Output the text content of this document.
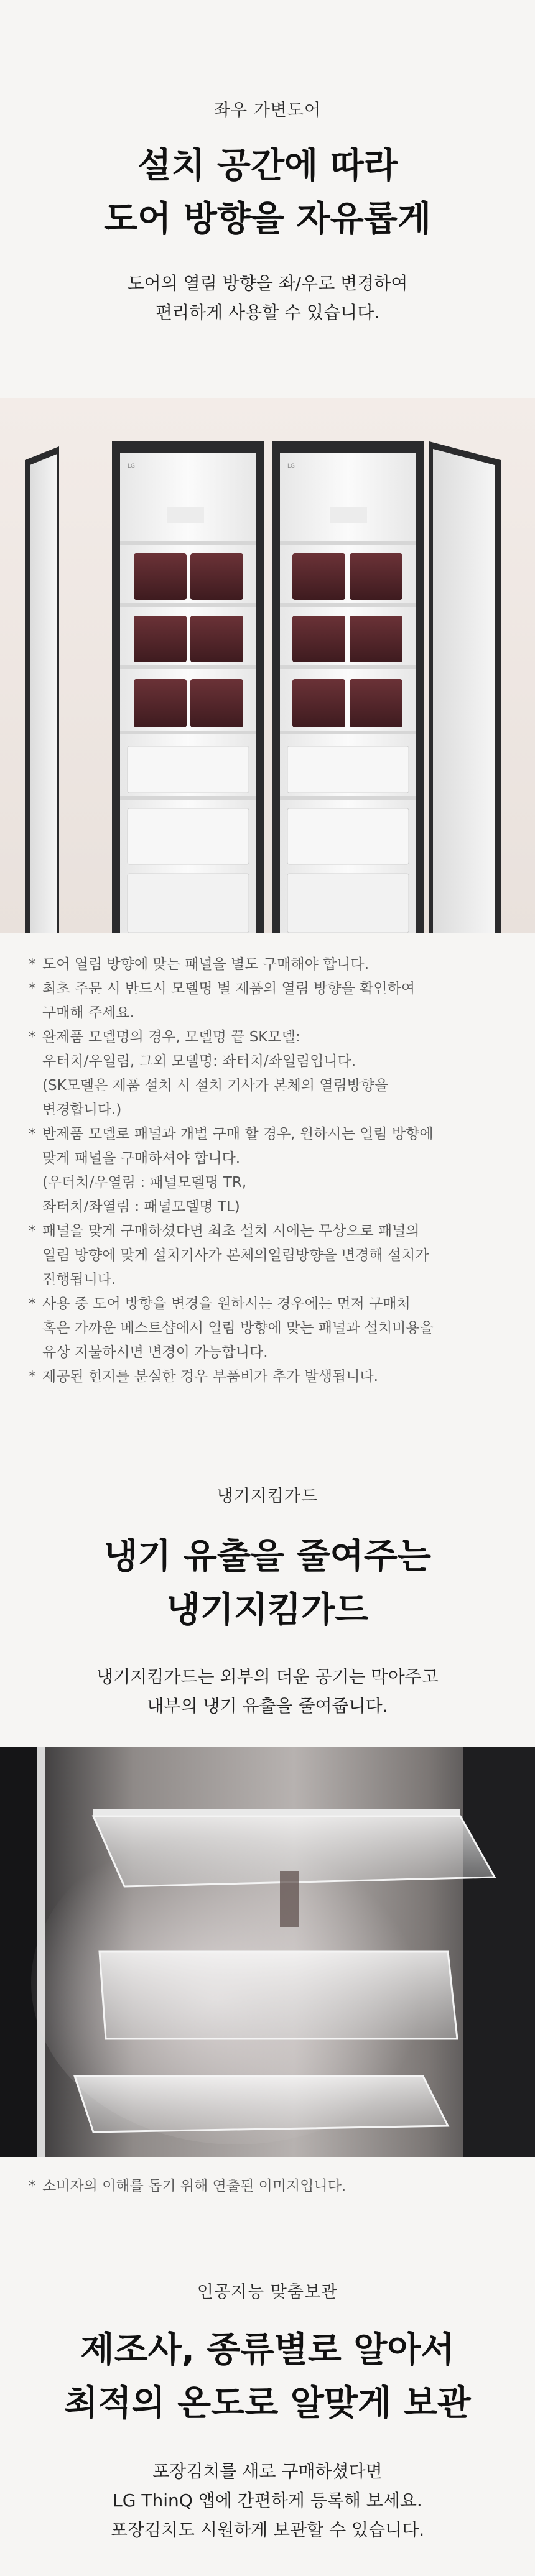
좌우 가변도어

설치 공간에 따라
도어 방향을 자유롭게

도어의 열림 방향을 좌/우로 변경하여
편리하게 사용할 수 있습니다.

LG	LG

* 도어 열림 방향에 맞는 패널을 별도 구매해야 합니다.

* 최초 주문 시 반드시 모델명 별 제품의 열림 방향을 확인하여
구매해 주세요.

* 완제품 모델명의 경우, 모델명 끝 SK모델:
우터치/우열림, 그외 모델명: 좌터치/좌열림입니다.
(SK모델은 제품 설치 시 설치 기사가 본체의 열림방향을
변경합니다.)

* 반제품 모델로 패널과 개별 구매 할 경우, 원하시는 열림 방향에
맞게 패널을 구매하셔야 합니다.
(우터치/우열림 : 패널모델명 TR,
좌터치/좌열림 : 패널모델명 TL)

* 패널을 맞게 구매하셨다면 최초 설치 시에는 무상으로 패널의
열림 방향에 맞게 설치기사가 본체의열림방향을 변경해 설치가
진행됩니다.

* 사용 중 도어 방향을 변경을 원하시는 경우에는 먼저 구매처
혹은 가까운 베스트샵에서 열림 방향에 맞는 패널과 설치비용을
유상 지불하시면 변경이 가능합니다.

* 제공된 힌지를 분실한 경우 부품비가 추가 발생됩니다.

냉기지킴가드

냉기 유출을 줄여주는
냉기지킴가드

냉기지킴가드는 외부의 더운 공기는 막아주고
내부의 냉기 유출을 줄여줍니다.

* 소비자의 이해를 돕기 위해 연출된 이미지입니다.

인공지능 맞춤보관

제조사, 종류별로 알아서
최적의 온도로 알맞게 보관

포장김치를 새로 구매하셨다면
LG ThinQ 앱에 간편하게 등록해 보세요.
포장김치도 시원하게 보관할 수 있습니다.
